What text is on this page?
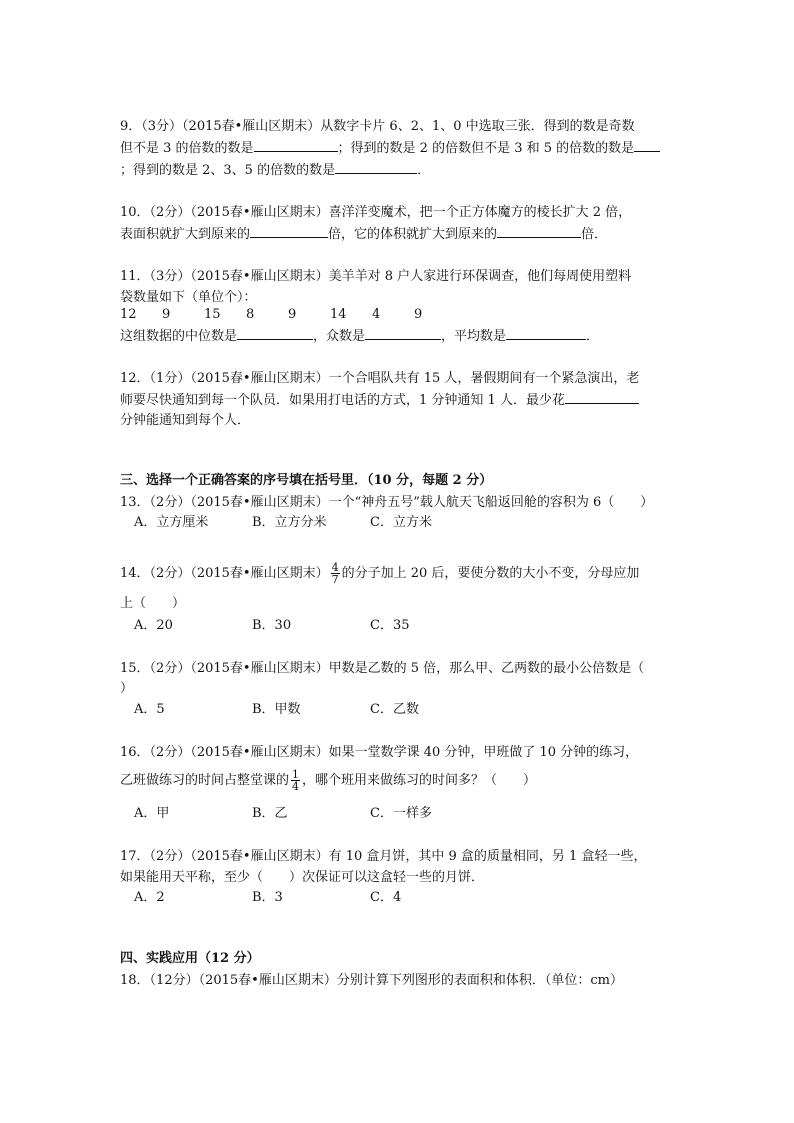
9．（3分）（2015春•雁山区期末）从数字卡片 6、2、1、0 中选取三张．得到的数是奇数
但不是 3 的倍数的数是	；得到的数是 2 的倍数但不是 3 和 5 的倍数的数是
；得到的数是 2、3、5 的倍数的数是	．
10．（2分）（2015春•雁山区期末）喜洋洋变魔术，把一个正方体魔方的棱长扩大 2 倍，
表面积就扩大到原来的	倍，它的体积就扩大到原来的	倍．
11．（3分）（2015春•雁山区期末）美羊羊对 8 户人家进行环保调查，他们每周使用塑料
袋数量如下（单位个）：
12 9	15 8	9	14 4	9
这组数据的中位数是	，众数是	，平均数是	．
12．（1分）（2015春•雁山区期末）一个合唱队共有 15 人，暑假期间有一个紧急演出，老
师要尽快通知到每一个队员．如果用打电话的方式，1 分钟通知 1 人．最少花
分钟能通知到每个人．
三、选择一个正确答案的序号填在括号里．（10 分，每题 2 分）
13．（2分）（2015春•雁山区期末）一个“神舟五号”载人航天飞船返回舱的容积为 6（　　）
A．立方厘米	B．立方分米	C．立方米
14．（2分）（2015春•雁山区期末） $\frac{4}{7}$ 的分子加上 20 后，要使分数的大小不变，分母应加
上（　　）
A．20	B．30	C．35
15．（2分）（2015春•雁山区期末）甲数是乙数的 5 倍，那么甲、乙两数的最小公倍数是（
）
A．5	B．甲数	C．乙数
16．（2分）（2015春•雁山区期末）如果一堂数学课 40 分钟，甲班做了 10 分钟的练习，
乙班做练习的时间占整堂课的 $\frac{1}{4}$ ，哪个班用来做练习的时间多？（　　）
A．甲	B．乙	C．一样多
17．（2分）（2015春•雁山区期末）有 10 盒月饼，其中 9 盒的质量相同，另 1 盒轻一些，
如果能用天平称，至少（　　）次保证可以这盒轻一些的月饼．
A．2	B．3	C．4
四、实践应用（12 分）
18．（12分）（2015春•雁山区期末）分别计算下列图形的表面积和体积．（单位：cm）
